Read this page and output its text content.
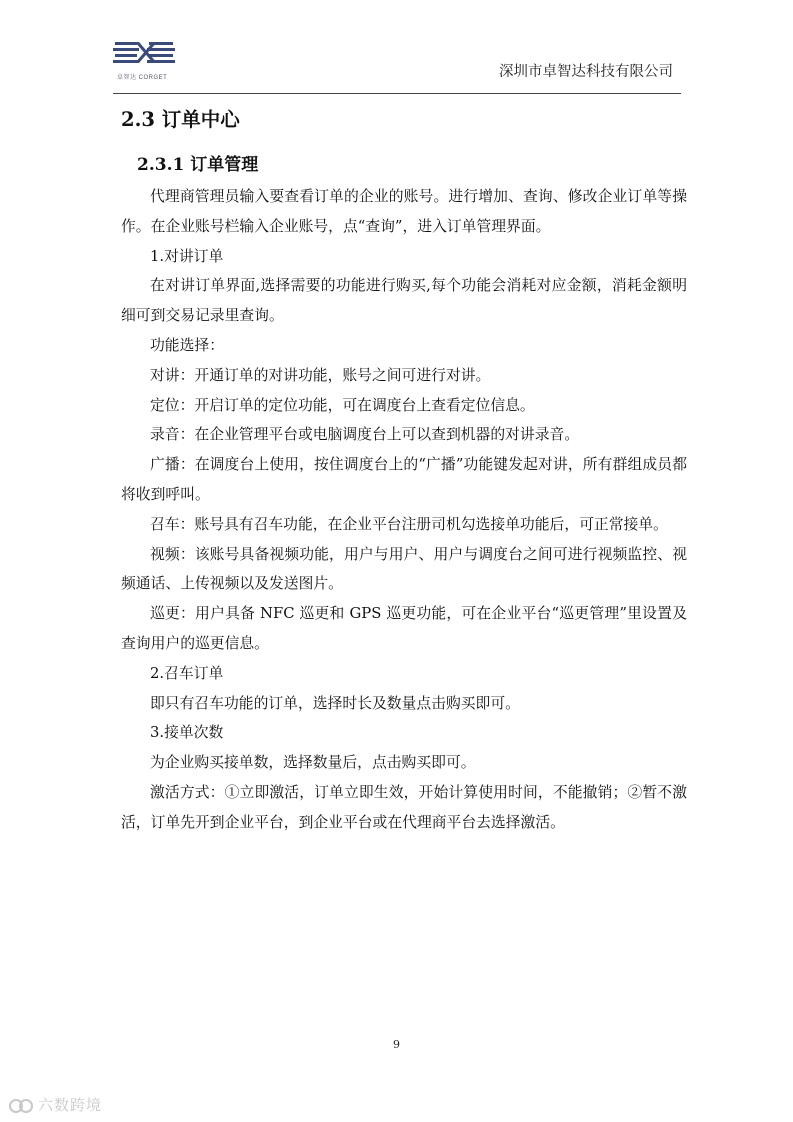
卓智达 CORGET	深圳市卓智达科技有限公司
2.3 订单中心
2.3.1 订单管理

代理商管理员输入要查看订单的企业的账号。进行增加、查询、修改企业订单等操作。在企业账号栏输入企业账号，点“查询”，进入订单管理界面。

1.对讲订单

在对讲订单界面,选择需要的功能进行购买,每个功能会消耗对应金额，消耗金额明细可到交易记录里查询。

功能选择：

对讲：开通订单的对讲功能，账号之间可进行对讲。

定位：开启订单的定位功能，可在调度台上查看定位信息。

录音：在企业管理平台或电脑调度台上可以查到机器的对讲录音。

广播：在调度台上使用，按住调度台上的“广播”功能键发起对讲，所有群组成员都将收到呼叫。

召车：账号具有召车功能，在企业平台注册司机勾选接单功能后，可正常接单。

视频：该账号具备视频功能，用户与用户、用户与调度台之间可进行视频监控、视频通话、上传视频以及发送图片。

巡更：用户具备 NFC 巡更和 GPS 巡更功能，可在企业平台“巡更管理”里设置及查询用户的巡更信息。

2.召车订单

即只有召车功能的订单，选择时长及数量点击购买即可。

3.接单次数

为企业购买接单数，选择数量后，点击购买即可。

激活方式：①立即激活，订单立即生效，开始计算使用时间，不能撤销；②暂不激活，订单先开到企业平台，到企业平台或在代理商平台去选择激活。

9
六数跨境
